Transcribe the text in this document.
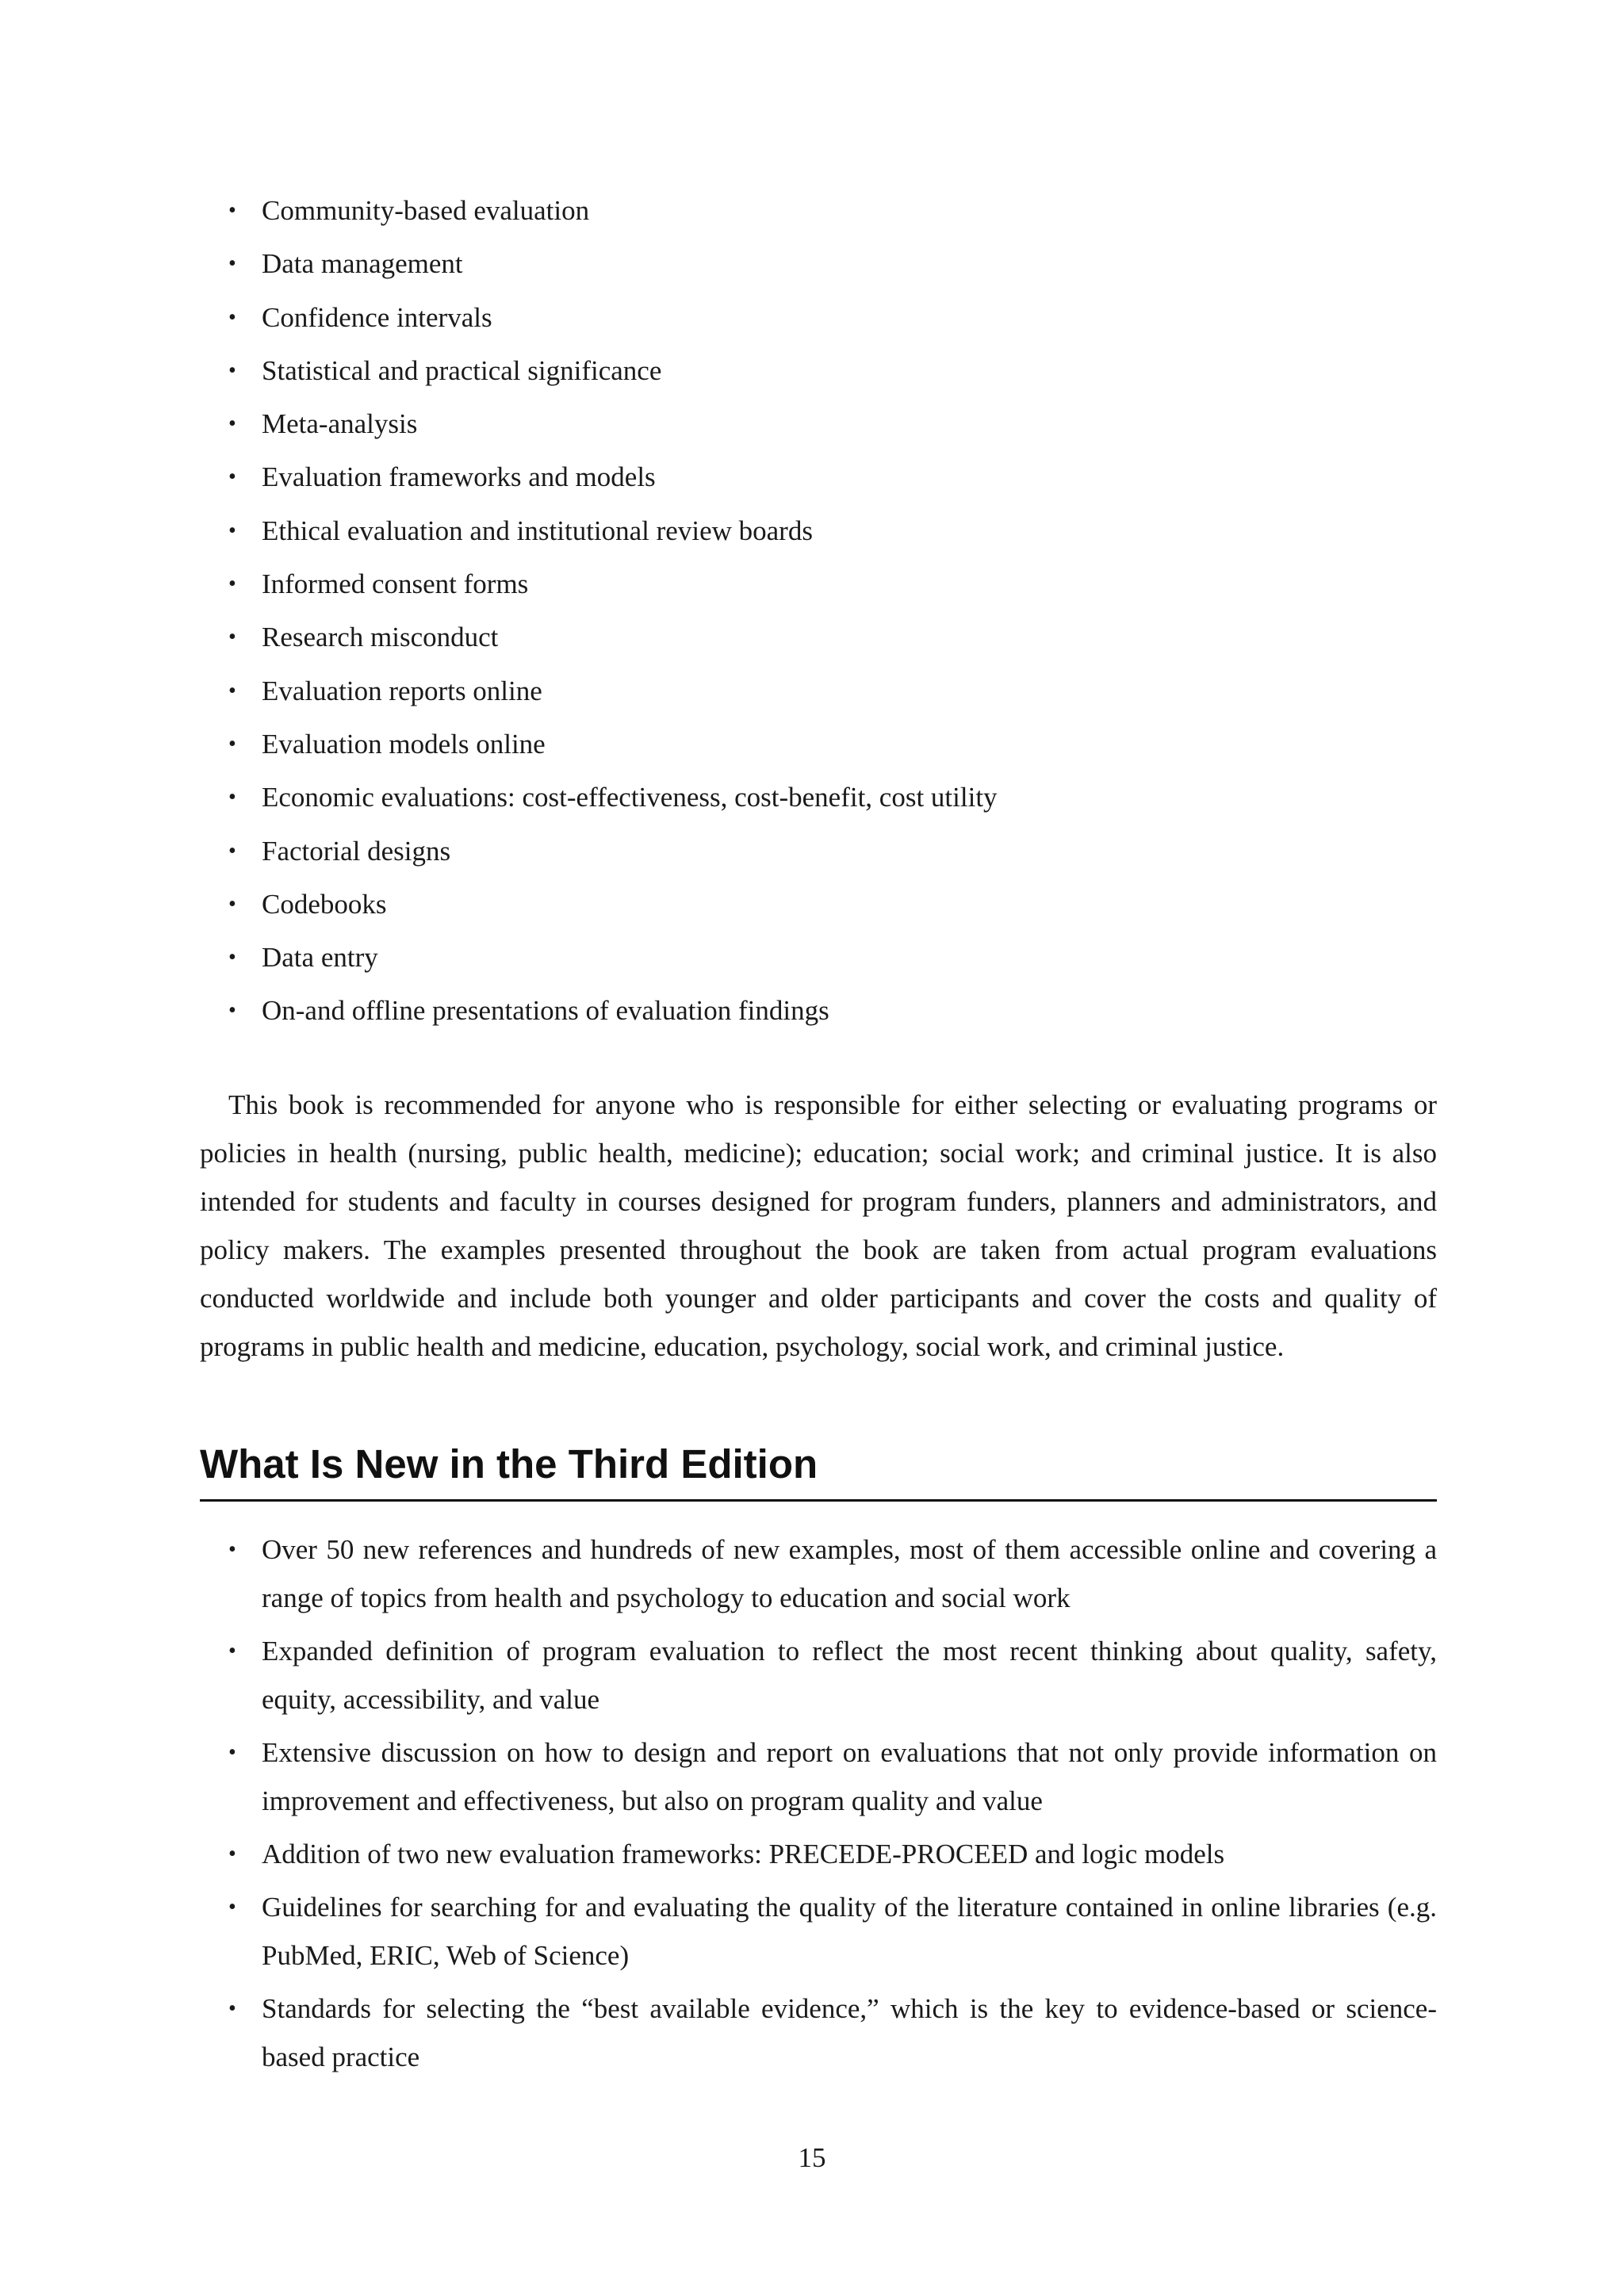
• Community-based evaluation
• Data management
• Confidence intervals
• Statistical and practical significance
• Meta-analysis
• Evaluation frameworks and models
• Ethical evaluation and institutional review boards
• Informed consent forms
• Research misconduct
• Evaluation reports online
• Evaluation models online
• Economic evaluations: cost-effectiveness, cost-benefit, cost utility
• Factorial designs
• Codebooks
• Data entry
• On-and offline presentations of evaluation findings

This book is recommended for anyone who is responsible for either selecting or evaluating programs or policies in health (nursing, public health, medicine); education; social work; and criminal justice. It is also intended for students and faculty in courses designed for program funders, planners and administrators, and policy makers. The examples presented throughout the book are taken from actual program evaluations conducted worldwide and include both younger and older participants and cover the costs and quality of programs in public health and medicine, education, psychology, social work, and criminal justice.

What Is New in the Third Edition
• Over 50 new references and hundreds of new examples, most of them accessible online and covering a range of topics from health and psychology to education and social work
• Expanded definition of program evaluation to reflect the most recent thinking about quality, safety, equity, accessibility, and value
• Extensive discussion on how to design and report on evaluations that not only provide information on improvement and effectiveness, but also on program quality and value
• Addition of two new evaluation frameworks: PRECEDE-PROCEED and logic models
• Guidelines for searching for and evaluating the quality of the literature contained in online libraries (e.g. PubMed, ERIC, Web of Science)
• Standards for selecting the “best available evidence,” which is the key to evidence-based or science-based practice
15
